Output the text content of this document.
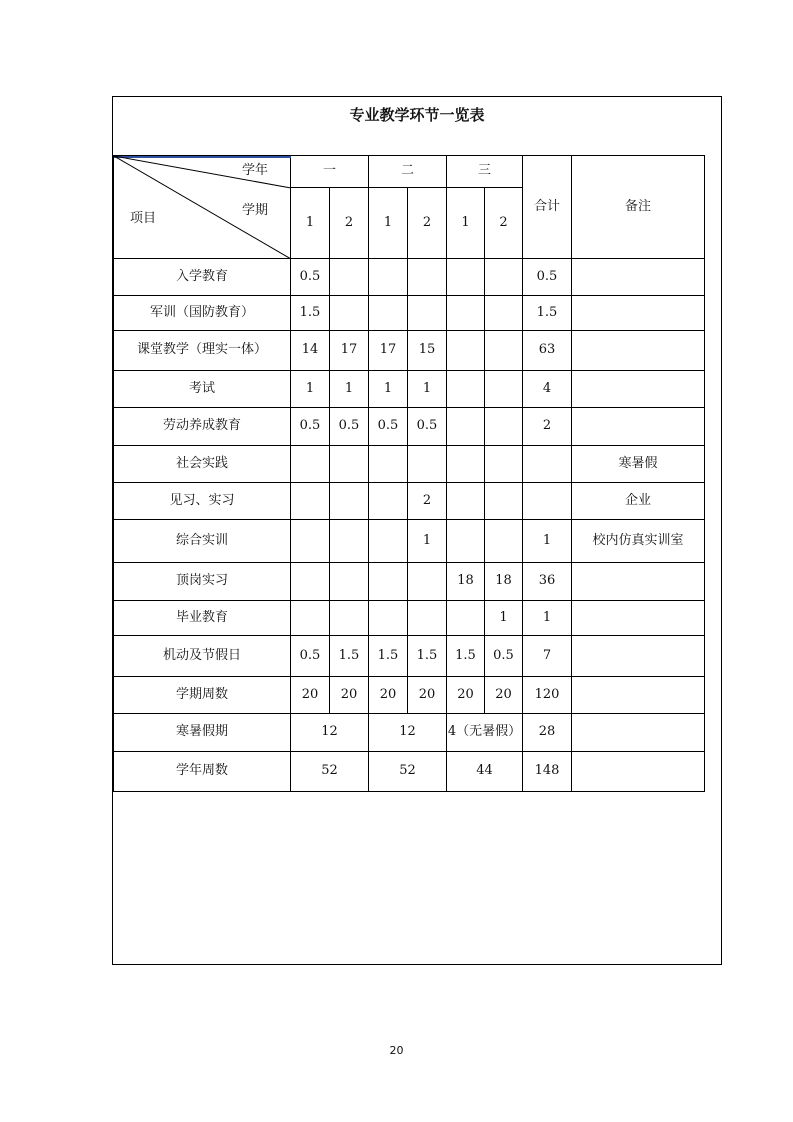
专业教学环节一览表
学年
学期
项目	一		二		三		合计	备注
	1	2	1	2	1	2		
入学教育	0.5						0.5	
军训（国防教育）	1.5						1.5	
课堂教学（理实一体）	14	17	17	15			63	
考试	1	1	1	1			4	
劳动养成教育	0.5	0.5	0.5	0.5			2	
社会实践								寒暑假
见习、实习				2				企业
综合实训				1			1	校内仿真实训室
顶岗实习					18	18	36	
毕业教育						1	1	
机动及节假日	0.5	1.5	1.5	1.5	1.5	0.5	7	
学期周数	20	20	20	20	20	20	120	
寒暑假期	12		12		4（无暑假）		28	
学年周数	52		52		44		148	
20
